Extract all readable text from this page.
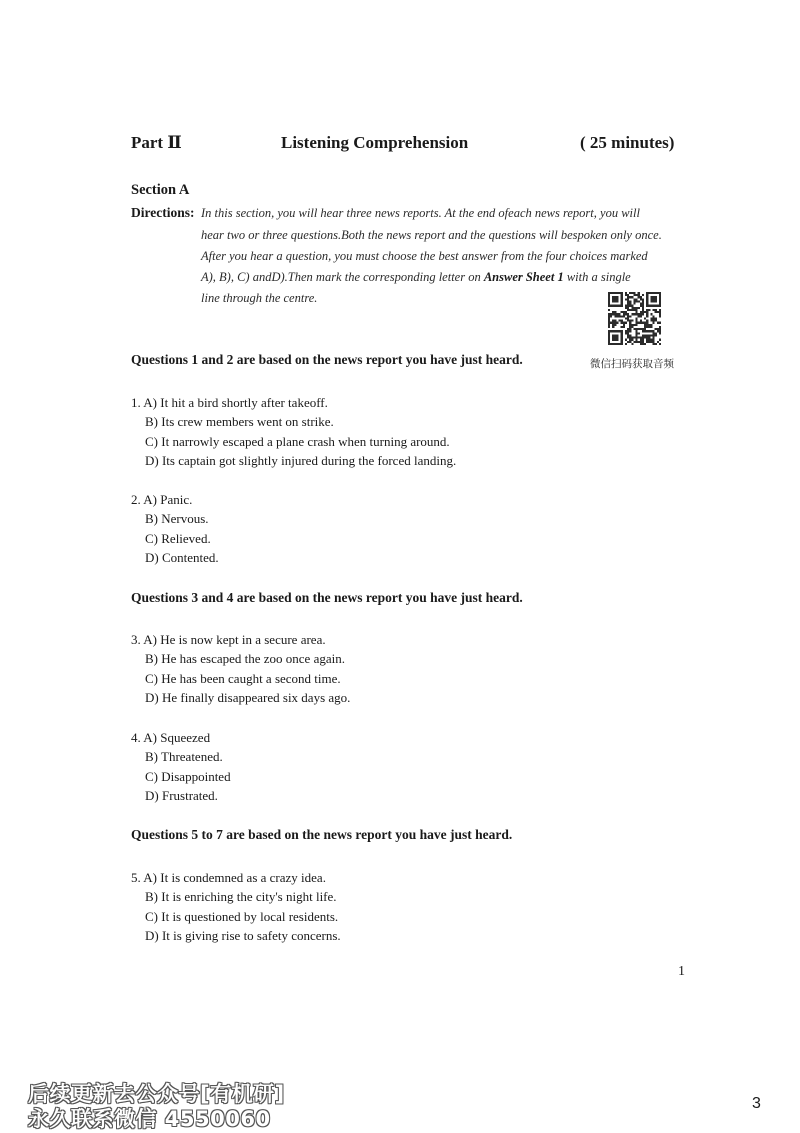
Part Ⅱ	Listening Comprehension	( 25 minutes)
Section A
Directions: In this section, you will hear three news reports. At the end ofeach news report, you will
hear two or three questions.Both the news report and the questions will bespoken only once.
After you hear a question, you must choose the best answer from the four choices marked
A), B), C) andD).Then mark the corresponding letter on Answer Sheet 1 with a single
line through the centre.
微信扫码获取音频
Questions 1 and 2 are based on the news report you have just heard.
Questions 3 and 4 are based on the news report you have just heard.
Questions 5 to 7 are based on the news report you have just heard.
1. A) It hit a bird shortly after takeoff.
B) Its crew members went on strike.
C) It narrowly escaped a plane crash when turning around.
D) Its captain got slightly injured during the forced landing.
2. A) Panic.
B) Nervous.
C) Relieved.
D) Contented.
3. A) He is now kept in a secure area.
B) He has escaped the zoo once again.
C) He has been caught a second time.
D) He finally disappeared six days ago.
4. A) Squeezed
B) Threatened.
C) Disappointed
D) Frustrated.
5. A) It is condemned as a crazy idea.
B) It is enriching the city's night life.
C) It is questioned by local residents.
D) It is giving rise to safety concerns.
1
后续更新去公众号[有机研]
永久联系微信 4550060
3
